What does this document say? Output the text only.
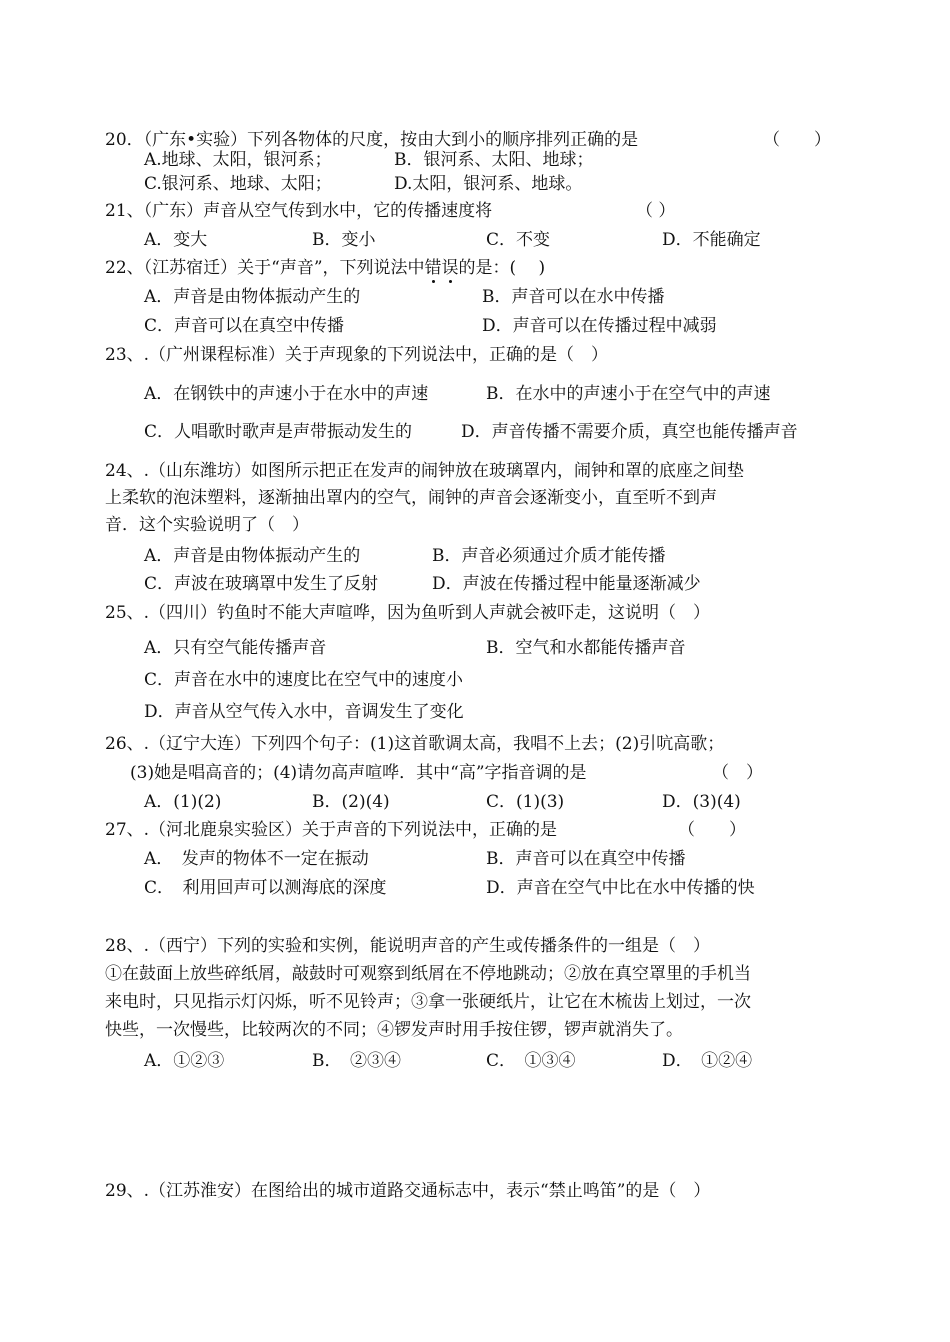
20．（广东•实验）下列各物体的尺度，按由大到小的顺序排列正确的是	（　　）
A.地球、太阳，银河系；	B．银河系、太阳、地球；
C.银河系、地球、太阳；	D.太阳，银河系、地球。
21、（广东）声音从空气传到水中，它的传播速度将	（ ）
A．变大	B．变小	C．不变	D．不能确定
22、（江苏宿迁）关于“声音”，下列说法中错误的是：(　 )
A．声音是由物体振动产生的	B．声音可以在水中传播
C．声音可以在真空中传播	D．声音可以在传播过程中减弱
23、.（广州课程标准）关于声现象的下列说法中，正确的是（　）
A．在钢铁中的声速小于在水中的声速	B．在水中的声速小于在空气中的声速
C．人唱歌时歌声是声带振动发生的	D．声音传播不需要介质，真空也能传播声音
24、.（山东潍坊）如图所示把正在发声的闹钟放在玻璃罩内，闹钟和罩的底座之间垫
上柔软的泡沫塑料，逐渐抽出罩内的空气，闹钟的声音会逐渐变小，直至听不到声
音．这个实验说明了（　）
A．声音是由物体振动产生的	B．声音必须通过介质才能传播
C．声波在玻璃罩中发生了反射	D．声波在传播过程中能量逐渐减少
25、.（四川）钓鱼时不能大声喧哗，因为鱼听到人声就会被吓走，这说明（　）
A．只有空气能传播声音	B．空气和水都能传播声音
C．声音在水中的速度比在空气中的速度小
D．声音从空气传入水中，音调发生了变化
26、.（辽宁大连）下列四个句子：(1)这首歌调太高，我唱不上去；(2)引吭高歌；
(3)她是唱高音的；(4)请勿高声喧哗．其中“高”字指音调的是	（　）
A．(1)(2)	B．(2)(4)	C．(1)(3)	D．(3)(4)
27、.（河北鹿泉实验区）关于声音的下列说法中，正确的是	（　　）
A．　发声的物体不一定在振动	B．声音可以在真空中传播
C．　利用回声可以测海底的深度	D．声音在空气中比在水中传播的快
28、.（西宁）下列的实验和实例，能说明声音的产生或传播条件的一组是（　）
①在鼓面上放些碎纸屑，敲鼓时可观察到纸屑在不停地跳动；②放在真空罩里的手机当
来电时，只见指示灯闪烁，听不见铃声；③拿一张硬纸片，让它在木梳齿上划过，一次
快些，一次慢些，比较两次的不同；④锣发声时用手按住锣，锣声就消失了。
A．①②③	B．　②③④	C．　①③④	D．　①②④
29、.（江苏淮安）在图给出的城市道路交通标志中，表示“禁止鸣笛”的是（　）
